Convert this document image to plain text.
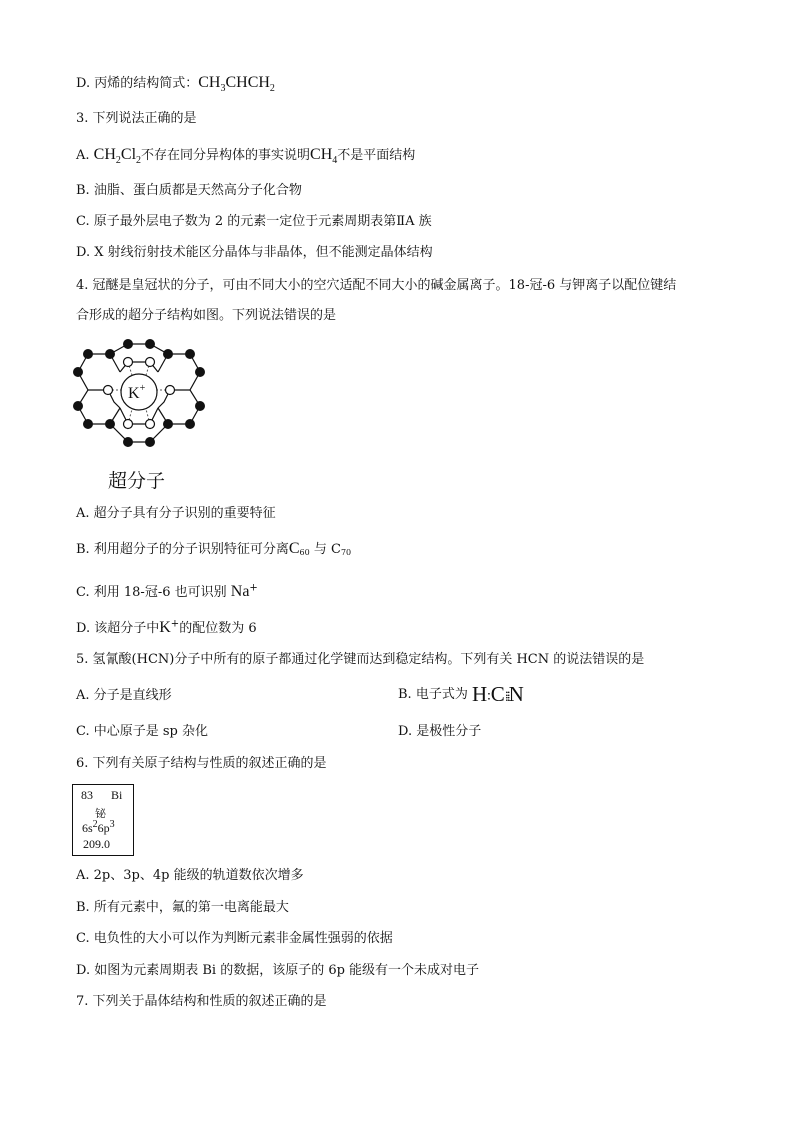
D. 丙烯的结构简式：$CH_3CHCH_2$
3. 下列说法正确的是
A. $CH_2Cl_2$不存在同分异构体的事实说明$CH_4$不是平面结构
B. 油脂、蛋白质都是天然高分子化合物
C. 原子最外层电子数为 2 的元素一定位于元素周期表第ⅡA 族
D. X 射线衍射技术能区分晶体与非晶体，但不能测定晶体结构
4. 冠醚是皇冠状的分子，可由不同大小的空穴适配不同大小的碱金属离子。18-冠-6 与钾离子以配位键结
合形成的超分子结构如图。下列说法错误的是
K+
超分子
A. 超分子具有分子识别的重要特征
B. 利用超分子的分子识别特征可分离C60 与 C70
C. 利用 18-冠-6 也可识别 Na+
D. 该超分子中K+的配位数为 6
5. 氢氰酸(HCN)分子中所有的原子都通过化学键而达到稳定结构。下列有关 HCN 的说法错误的是
A. 分子是直线形	B. 电子式为 H∶C⁞⁞N
C. 中心原子是 sp 杂化	D. 是极性分子
6. 下列有关原子结构与性质的叙述正确的是
83 Bi
铋
$6s^26p^3$
209.0
A. 2p、3p、4p 能级的轨道数依次增多
B. 所有元素中，氟的第一电离能最大
C. 电负性的大小可以作为判断元素非金属性强弱的依据
D. 如图为元素周期表 Bi 的数据，该原子的 6p 能级有一个未成对电子
7. 下列关于晶体结构和性质的叙述正确的是
